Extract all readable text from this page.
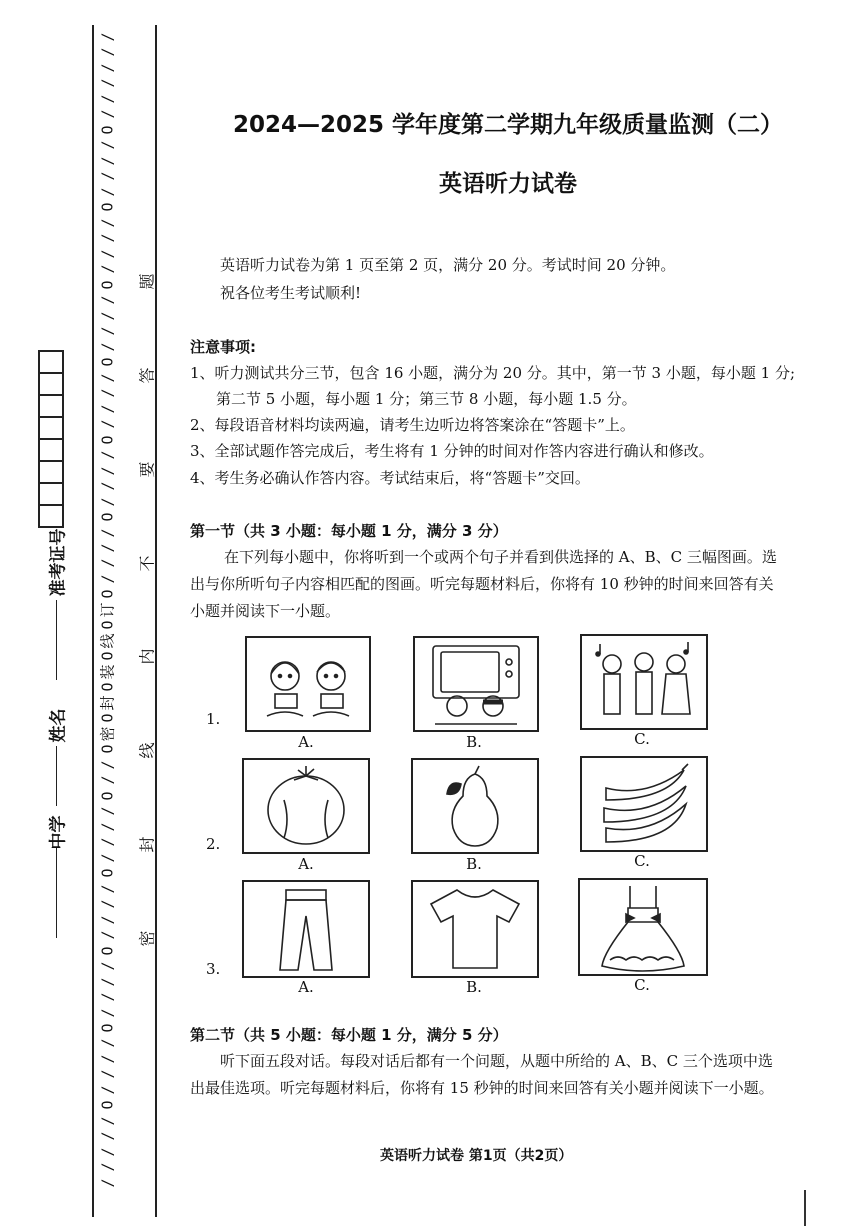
/
/
/
/
/
/
O
/
/
/
/
O
/
/
/
/
O
/
/
/
/
O
/
/
/
/
O
/
/
/
/
O
/
/
/
/
O
订
O
线
O
装
O
封
O
密
O
/
/
O
/
/
/
/
O
/
/
/
/
O
/
/
/
/
O
/
/
/
/
O
/
/
/
/
/
题
答
要
不
内
线
封
密
准考证号
姓名
中学
2024—2025 学年度第二学期九年级质量监测（二）
英语听力试卷
英语听力试卷为第 1 页至第 2 页，满分 20 分。考试时间 20 分钟。
祝各位考生考试顺利!
注意事项:
1、听力测试共分三节，包含 16 小题，满分为 20 分。其中，第一节 3 小题，每小题 1 分;
第二节 5 小题，每小题 1 分；第三节 8 小题，每小题 1.5 分。
2、每段语音材料均读两遍，请考生边听边将答案涂在“答题卡”上。
3、全部试题作答完成后，考生将有 1 分钟的时间对作答内容进行确认和修改。
4、考生务必确认作答内容。考试结束后，将“答题卡”交回。
第一节（共 3 小题：每小题 1 分，满分 3 分）
在下列每小题中，你将听到一个或两个句子并看到供选择的 A、B、C 三幅图画。选
出与你所听句子内容相匹配的图画。听完每题材料后，你将有 10 秒钟的时间来回答有关
小题并阅读下一小题。
1.
A.	B.	C.
2.
A.	B.	C.
3.
A.	B.	C.
第二节（共 5 小题：每小题 1 分，满分 5 分）
听下面五段对话。每段对话后都有一个问题，从题中所给的 A、B、C 三个选项中选
出最佳选项。听完每题材料后，你将有 15 秒钟的时间来回答有关小题并阅读下一小题。
英语听力试卷 第1页（共2页）
